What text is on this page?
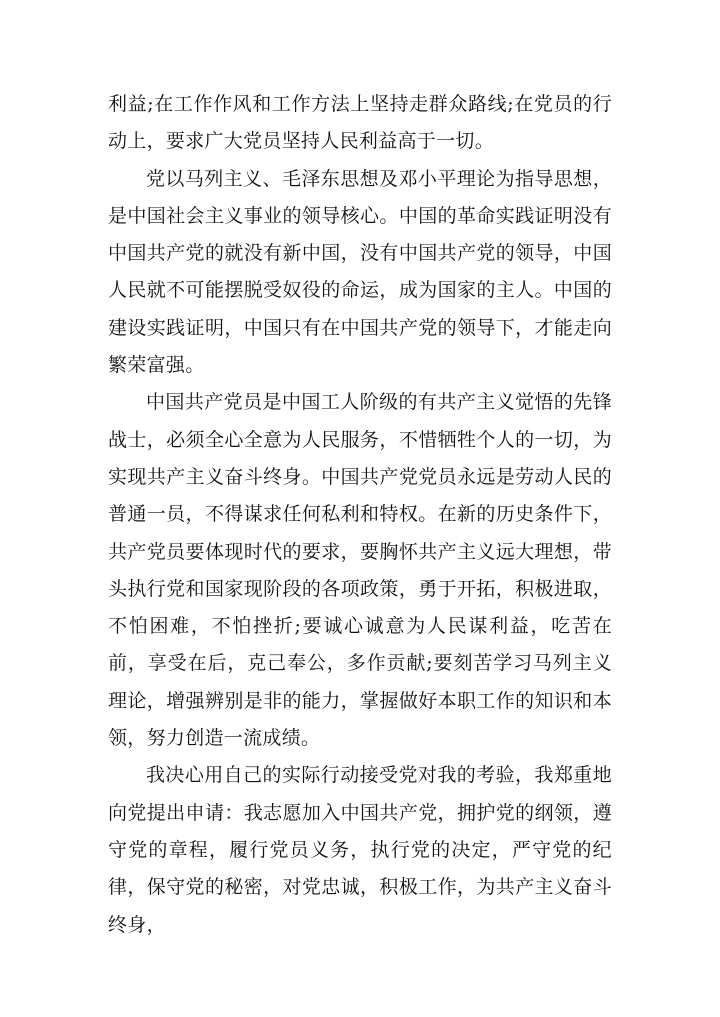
利益;在工作作风和工作方法上坚持走群众路线;在党员的行动上，要求广大党员坚持人民利益高于一切。

党以马列主义、毛泽东思想及邓小平理论为指导思想，是中国社会主义事业的领导核心。中国的革命实践证明没有中国共产党的就没有新中国，没有中国共产党的领导，中国人民就不可能摆脱受奴役的命运，成为国家的主人。中国的建设实践证明，中国只有在中国共产党的领导下，才能走向繁荣富强。

中国共产党员是中国工人阶级的有共产主义觉悟的先锋战士，必须全心全意为人民服务，不惜牺牲个人的一切，为实现共产主义奋斗终身。中国共产党党员永远是劳动人民的普通一员，不得谋求任何私利和特权。在新的历史条件下，共产党员要体现时代的要求，要胸怀共产主义远大理想，带头执行党和国家现阶段的各项政策，勇于开拓，积极进取，不怕困难，不怕挫折;要诚心诚意为人民谋利益，吃苦在前，享受在后，克己奉公，多作贡献;要刻苦学习马列主义理论，增强辨别是非的能力，掌握做好本职工作的知识和本领，努力创造一流成绩。

我决心用自己的实际行动接受党对我的考验，我郑重地向党提出申请：我志愿加入中国共产党，拥护党的纲领，遵守党的章程，履行党员义务，执行党的决定，严守党的纪律，保守党的秘密，对党忠诚，积极工作，为共产主义奋斗终身，
